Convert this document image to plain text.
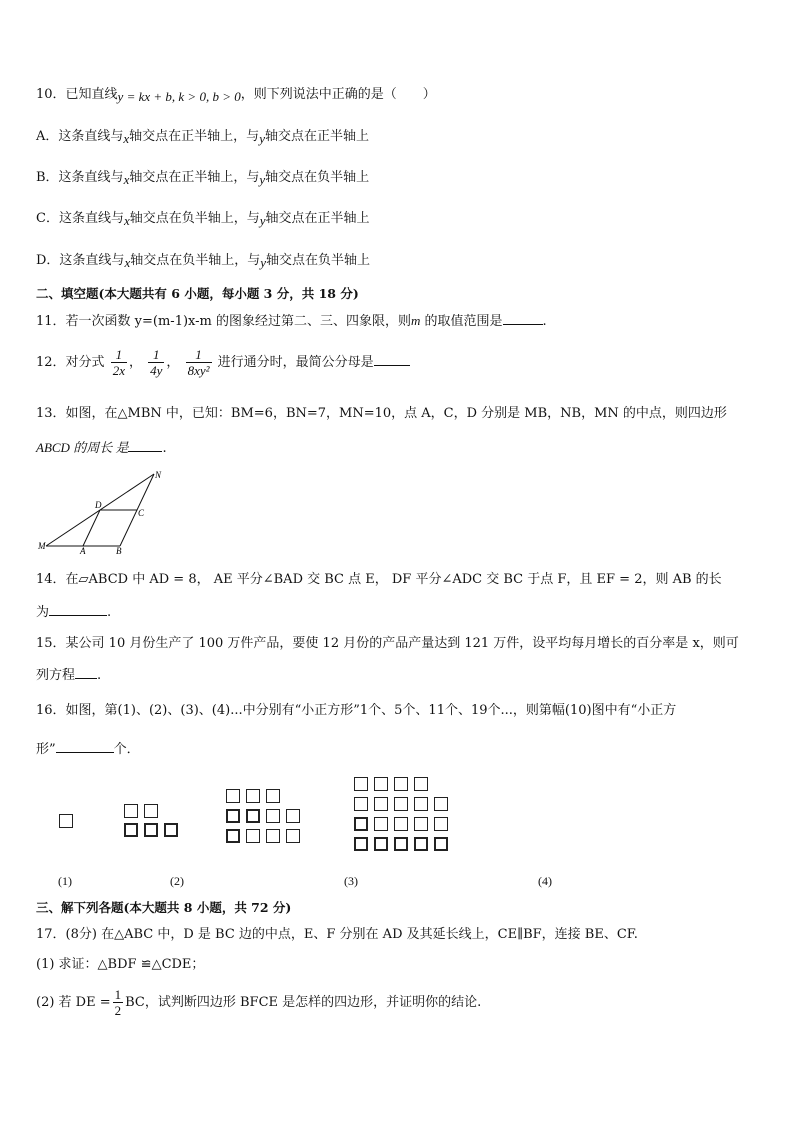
10．已知直线y = kx + b, k > 0, b > 0，则下列说法中正确的是（　　）
A．这条直线与x轴交点在正半轴上，与y轴交点在正半轴上
B．这条直线与x轴交点在正半轴上，与y轴交点在负半轴上
C．这条直线与x轴交点在负半轴上，与y轴交点在正半轴上
D．这条直线与x轴交点在负半轴上，与y轴交点在负半轴上
二、填空题(本大题共有 6 小题，每小题 3 分，共 18 分)
11．若一次函数 y=(m-1)x-m 的图象经过第二、三、四象限，则m 的取值范围是	.
12．对分式 $\frac{1}{2x}$ ， $\frac{1}{4y}$ ， $\frac{1}{\text{8xy²}}$ 进行通分时，最简公分母是
13．如图，在△MBN 中，已知：BM=6，BN=7，MN=10，点 A，C，D 分别是 MB，NB，MN 的中点，则四边形
ABCD 的周长 是	.
M	A	B
C
D
N
14．在▱ABCD 中 AD = 8， AE 平分∠BAD 交 BC 点 E， DF 平分∠ADC 交 BC 于点 F，且 EF = 2，则 AB 的长
为	.
15．某公司 10 月份生产了 100 万件产品，要使 12 月份的产品产量达到 121 万件，设平均每月增长的百分率是 x，则可
列方程 .
16．如图，第(1)、(2)、(3)、(4)...中分别有“小正方形”1个、5个、11个、19个...，则第幅(10)图中有“小正方
形”	个．
(1)	(2)	(3)	(4)
三、解下列各题(本大题共 8 小题，共 72 分)
17．(8分) 在△ABC 中，D 是 BC 边的中点，E、F 分别在 AD 及其延长线上，CE∥BF，连接 BE、CF.
(1) 求证：△BDF ≌△CDE；
(2) 若 DE = $\frac{1}{2}$ BC，试判断四边形 BFCE 是怎样的四边形，并证明你的结论.
